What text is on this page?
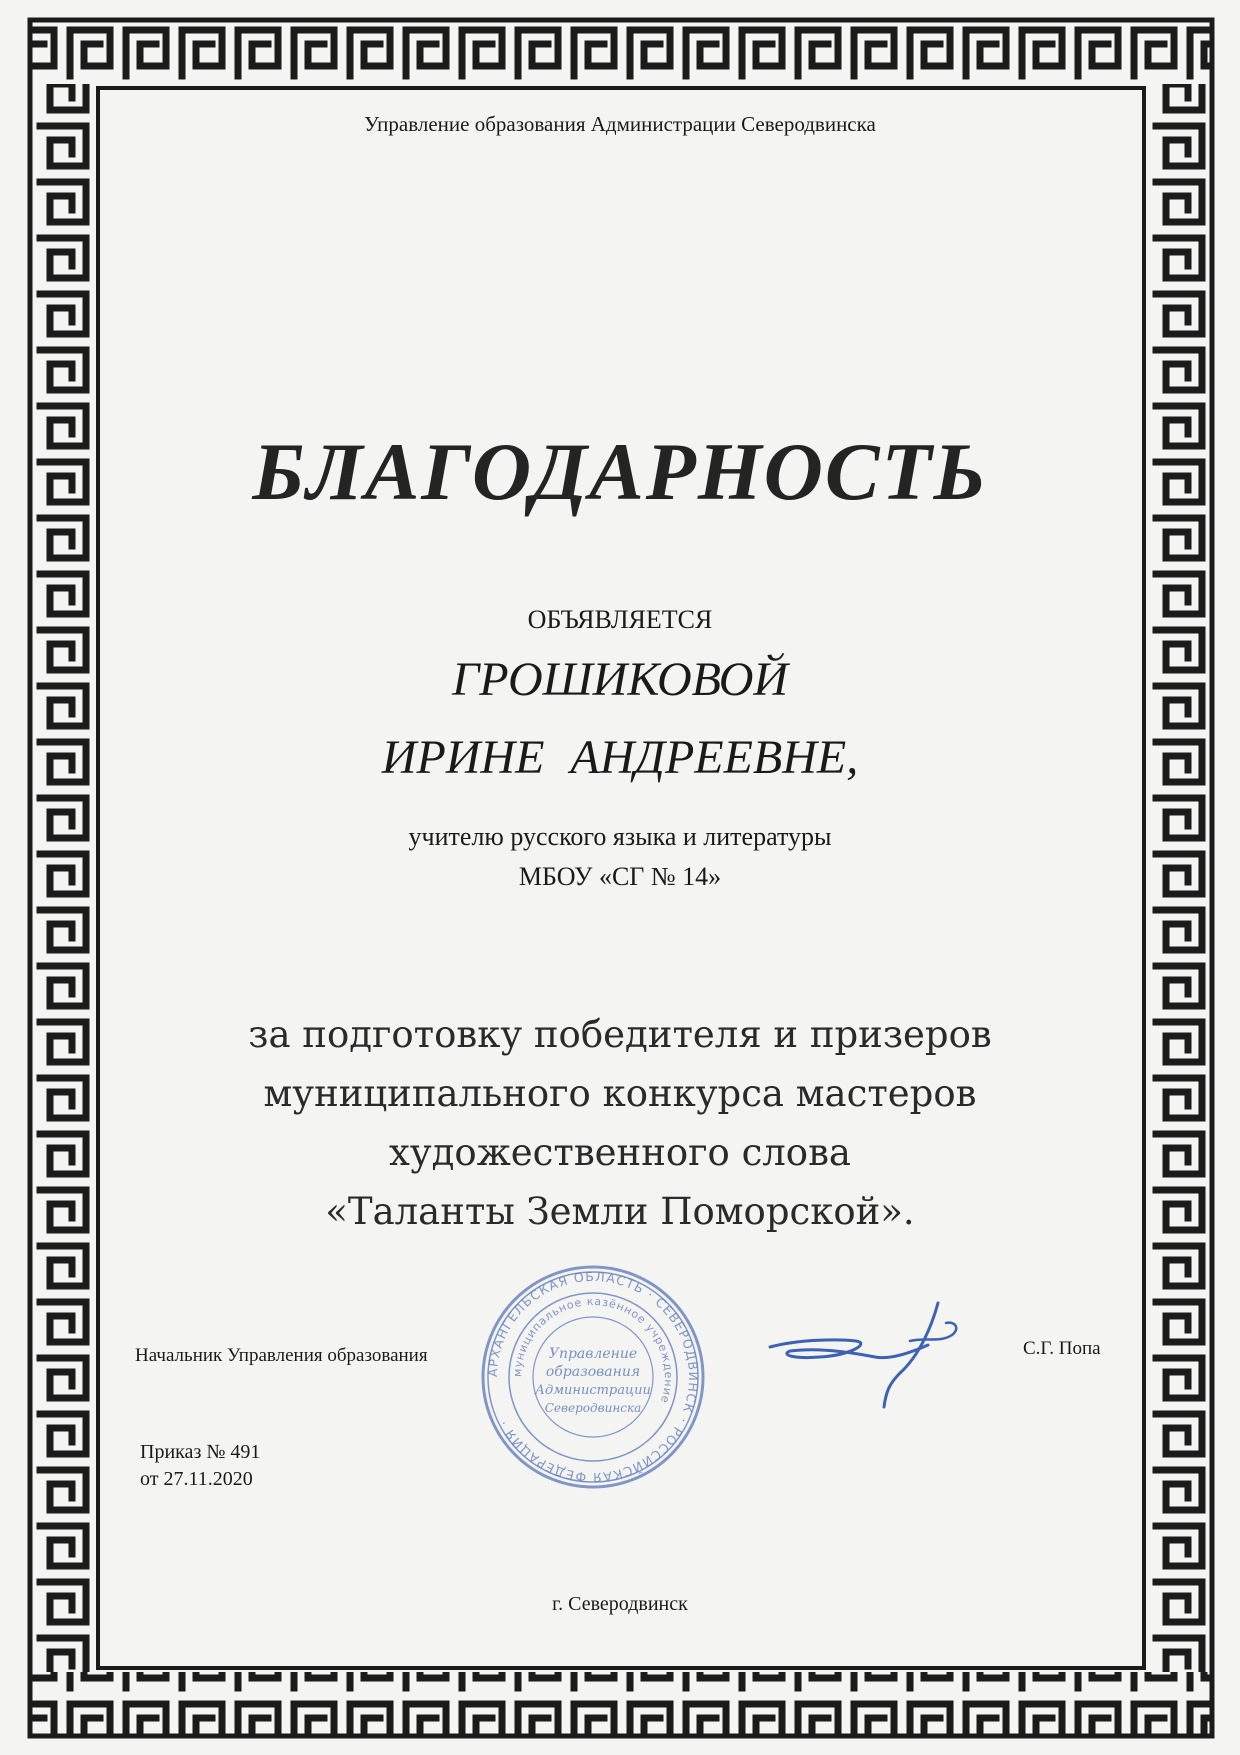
Управление образования Администрации Северодвинска

БЛАГОДАРНОСТЬ

ОБЪЯВЛЯЕТСЯ

ГРОШИКОВОЙ

ИРИНЕ АНДРЕЕВНЕ,

учителю русского языка и литературы

МБОУ «СГ № 14»

за подготовку победителя и призеров
муниципального конкурса мастеров
художественного слова
«Таланты Земли Поморской».

Начальник Управления образования	С.Г. Попа

Приказ № 491

от 27.11.2020

г. Северодвинск

АРХАНГЕЛЬСКАЯ ОБЛАСТЬ · СЕВЕРОДВИНСК · РОССИЙСКАЯ ФЕДЕРАЦИЯ ·
муниципальное казённое учреждение
Управление
образования
Администрации
Северодвинска
